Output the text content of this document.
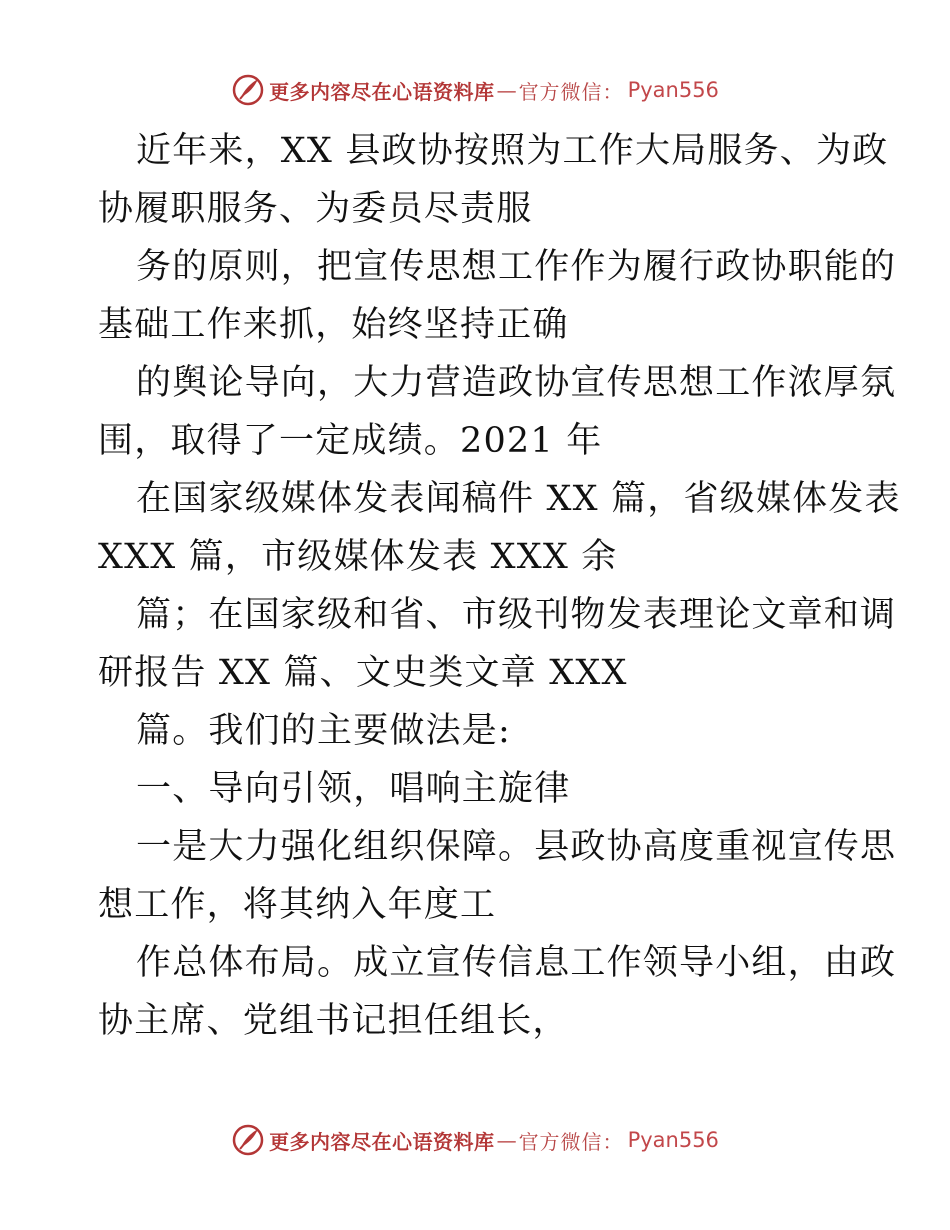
更多内容尽在心语资料库 — 官方微信： Pyan556
近年来，XX 县政协按照为工作大局服务、为政
协履职服务、为委员尽责服
务的原则，把宣传思想工作作为履行政协职能的
基础工作来抓，始终坚持正确
的舆论导向，大力营造政协宣传思想工作浓厚氛
围，取得了一定成绩。2021 年
在国家级媒体发表闻稿件 XX 篇，省级媒体发表
XXX 篇，市级媒体发表 XXX 余
篇；在国家级和省、市级刊物发表理论文章和调
研报告 XX 篇、文史类文章 XXX
篇。我们的主要做法是:
一、导向引领，唱响主旋律
一是大力强化组织保障。县政协高度重视宣传思
想工作，将其纳入年度工
作总体布局。成立宣传信息工作领导小组，由政
协主席、党组书记担任组长，
更多内容尽在心语资料库 — 官方微信： Pyan556
